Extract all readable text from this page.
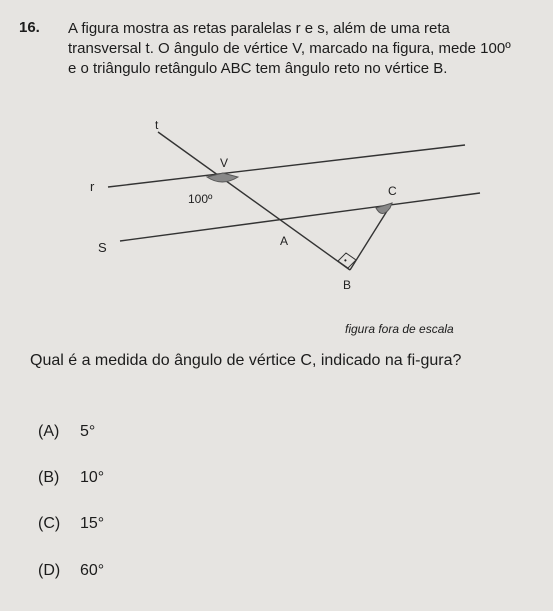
16. A figura mostra as retas paralelas r e s, além de uma reta transversal t. O ângulo de vértice V, marcado na figura, mede 100º e o triângulo retângulo ABC tem ângulo reto no vértice B.
•
t
V
r
100º
C
S	A
B
figura fora de escala
Qual é a medida do ângulo de vértice C, indicado na fi-gura?
(A) 5°
(B) 10°
(C) 15°
(D) 60°
